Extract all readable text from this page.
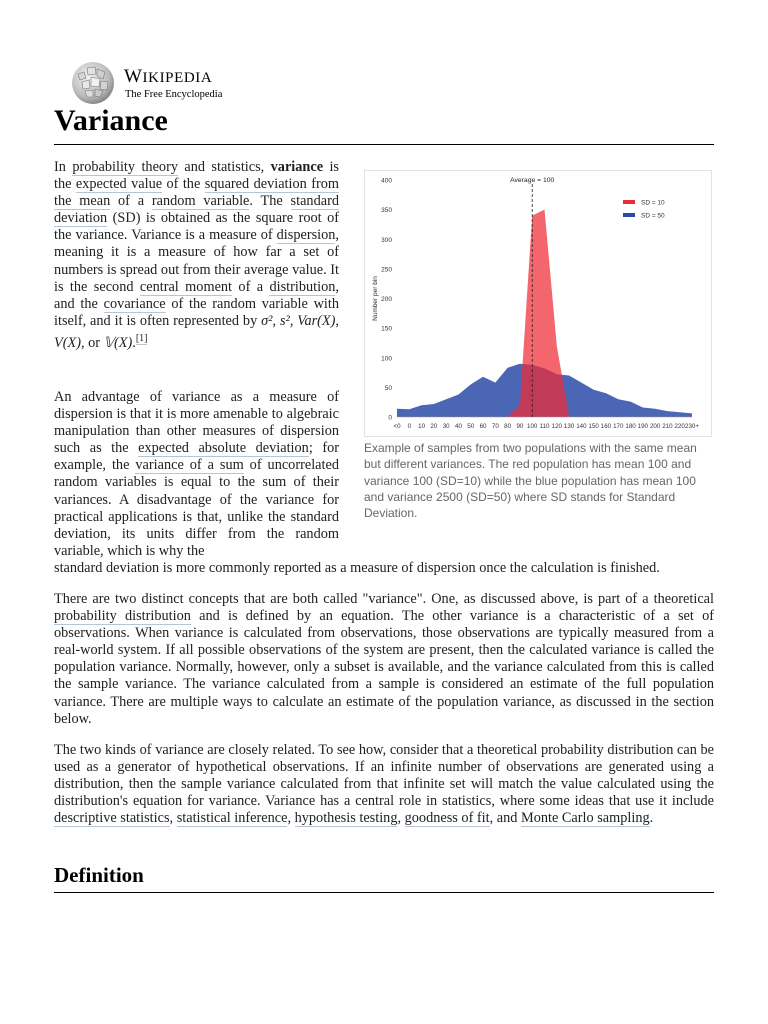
WIKIPEDIA
The Free Encyclopedia
Variance
0
50
100
150
200
250
300
350
400
<0 0 10 20 30 40 50 60 70 80 90 100 110 120 130 140 150 160 170 180 190 200 210 220 230+
Number per bin
Average = 100
SD = 10
SD = 50

Example of samples from two populations with the same mean but different variances. The red population has mean 100 and variance 100 (SD=10) while the blue population has mean 100 and variance 2500 (SD=50) where SD stands for Standard Deviation.

In probability theory and statistics, variance is the expected value of the squared deviation from the mean of a random variable. The standard deviation (SD) is obtained as the square root of the variance. Variance is a measure of dispersion, meaning it is a measure of how far a set of numbers is spread out from their average value. It is the second central moment of a distribution, and the covariance of the random variable with itself, and it is often represented by σ², s², Var(X), V(X), or 𝕍(X).[1]

An advantage of variance as a measure of dispersion is that it is more amenable to algebraic manipulation than other measures of dispersion such as the expected absolute deviation; for example, the variance of a sum of uncorrelated random variables is equal to the sum of their variances. A disadvantage of the variance for practical applications is that, unlike the standard deviation, its units differ from the random variable, which is why the

standard deviation is more commonly reported as a measure of dispersion once the calculation is finished.

There are two distinct concepts that are both called "variance". One, as discussed above, is part of a theoretical probability distribution and is defined by an equation. The other variance is a characteristic of a set of observations. When variance is calculated from observations, those observations are typically measured from a real-world system. If all possible observations of the system are present, then the calculated variance is called the population variance. Normally, however, only a subset is available, and the variance calculated from this is called the sample variance. The variance calculated from a sample is considered an estimate of the full population variance. There are multiple ways to calculate an estimate of the population variance, as discussed in the section below.

The two kinds of variance are closely related. To see how, consider that a theoretical probability distribution can be used as a generator of hypothetical observations. If an infinite number of observations are generated using a distribution, then the sample variance calculated from that infinite set will match the value calculated using the distribution's equation for variance. Variance has a central role in statistics, where some ideas that use it include descriptive statistics, statistical inference, hypothesis testing, goodness of fit, and Monte Carlo sampling.

Definition
